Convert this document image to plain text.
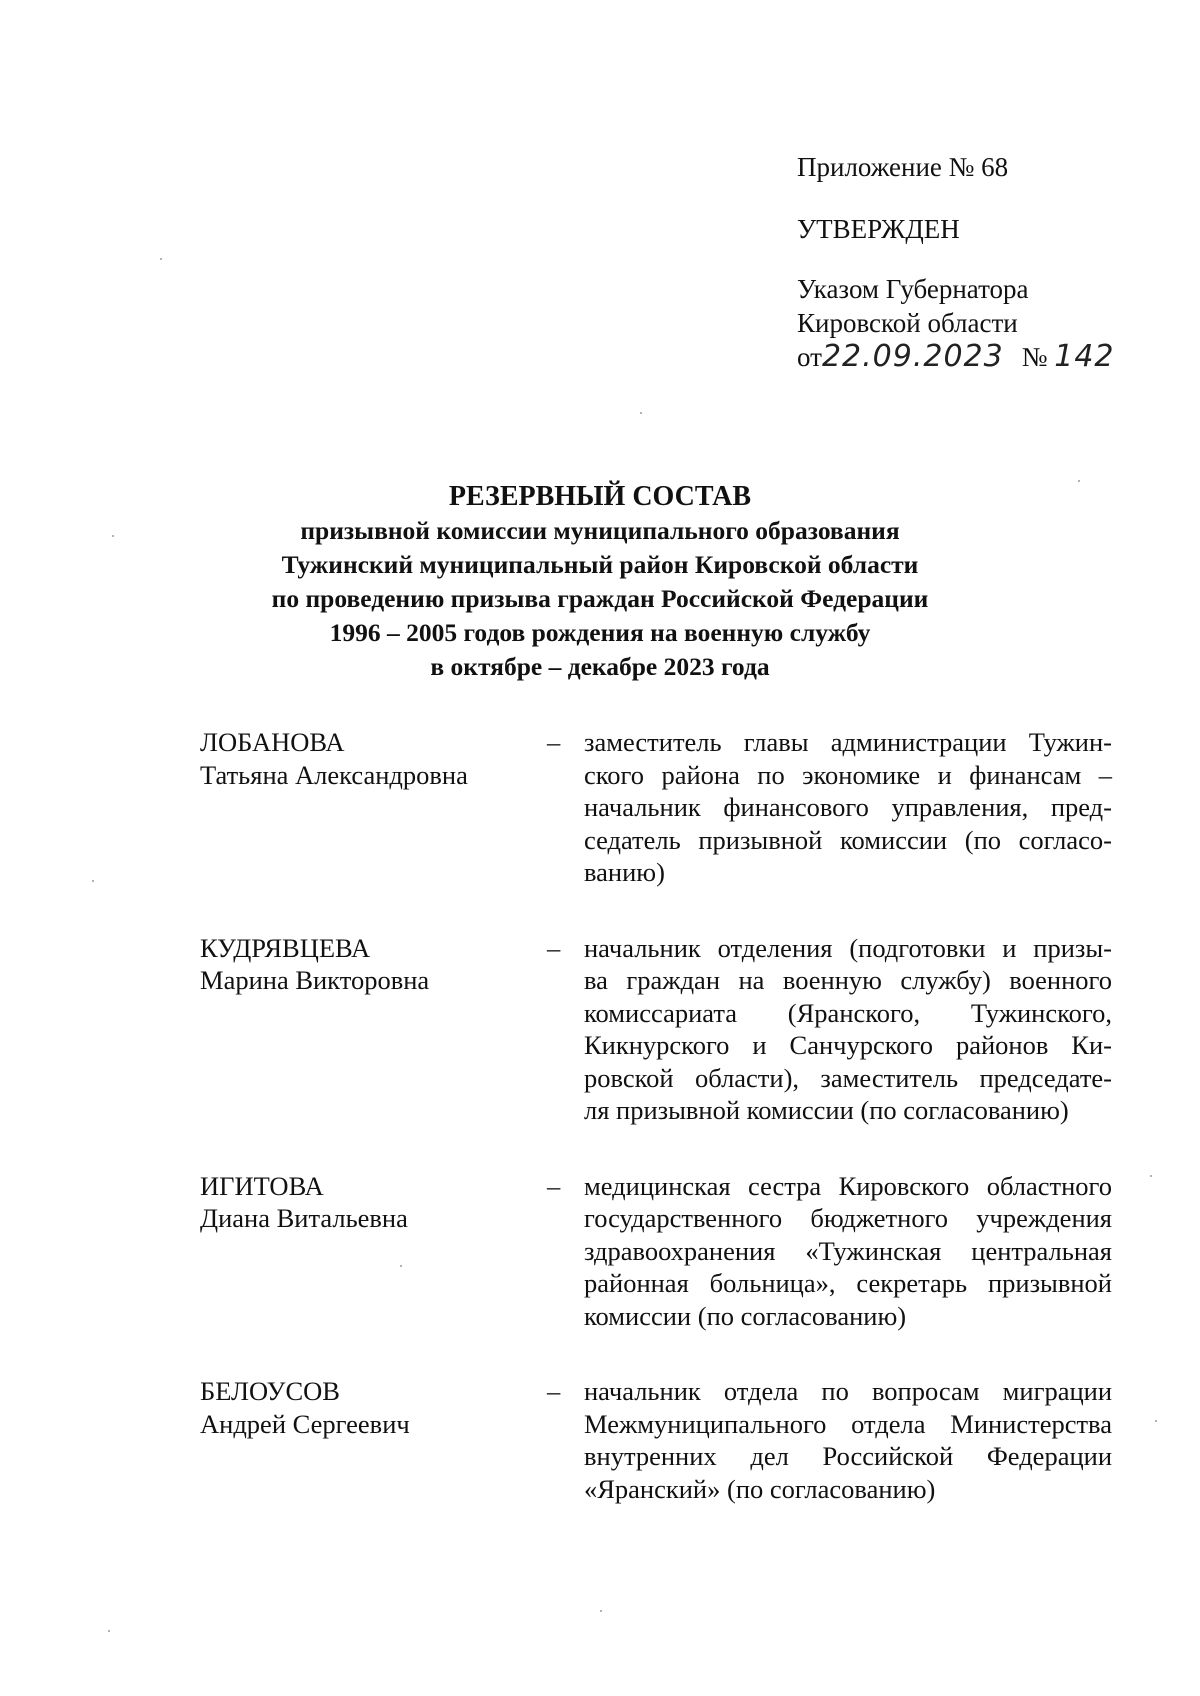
Приложение № 68
УТВЕРЖДЕН
Указом Губернатора
Кировской области
от22.09.2023 № 142
РЕЗЕРВНЫЙ СОСТАВ
призывной комиссии муниципального образования
Тужинский муниципальный район Кировской области
по проведению призыва граждан Российской Федерации
1996 – 2005 годов рождения на военную службу
в октябре – декабре 2023 года
ЛОБАНОВА
Татьяна Александровна
– заместитель главы администрации Тужин-
ского района по экономике и финансам –
начальник финансового управления, пред-
седатель призывной комиссии (по согласо-
ванию)
КУДРЯВЦЕВА
Марина Викторовна
– начальник отделения (подготовки и призы-
ва граждан на военную службу) военного
комиссариата (Яранского, Тужинского,
Кикнурского и Санчурского районов Ки-
ровской области), заместитель председате-
ля призывной комиссии (по согласованию)
ИГИТОВА
Диана Витальевна
– медицинская сестра Кировского областного
государственного бюджетного учреждения
здравоохранения «Тужинская центральная
районная больница», секретарь призывной
комиссии (по согласованию)
БЕЛОУСОВ
Андрей Сергеевич
– начальник отдела по вопросам миграции
Межмуниципального отдела Министерства
внутренних дел Российской Федерации
«Яранский» (по согласованию)
